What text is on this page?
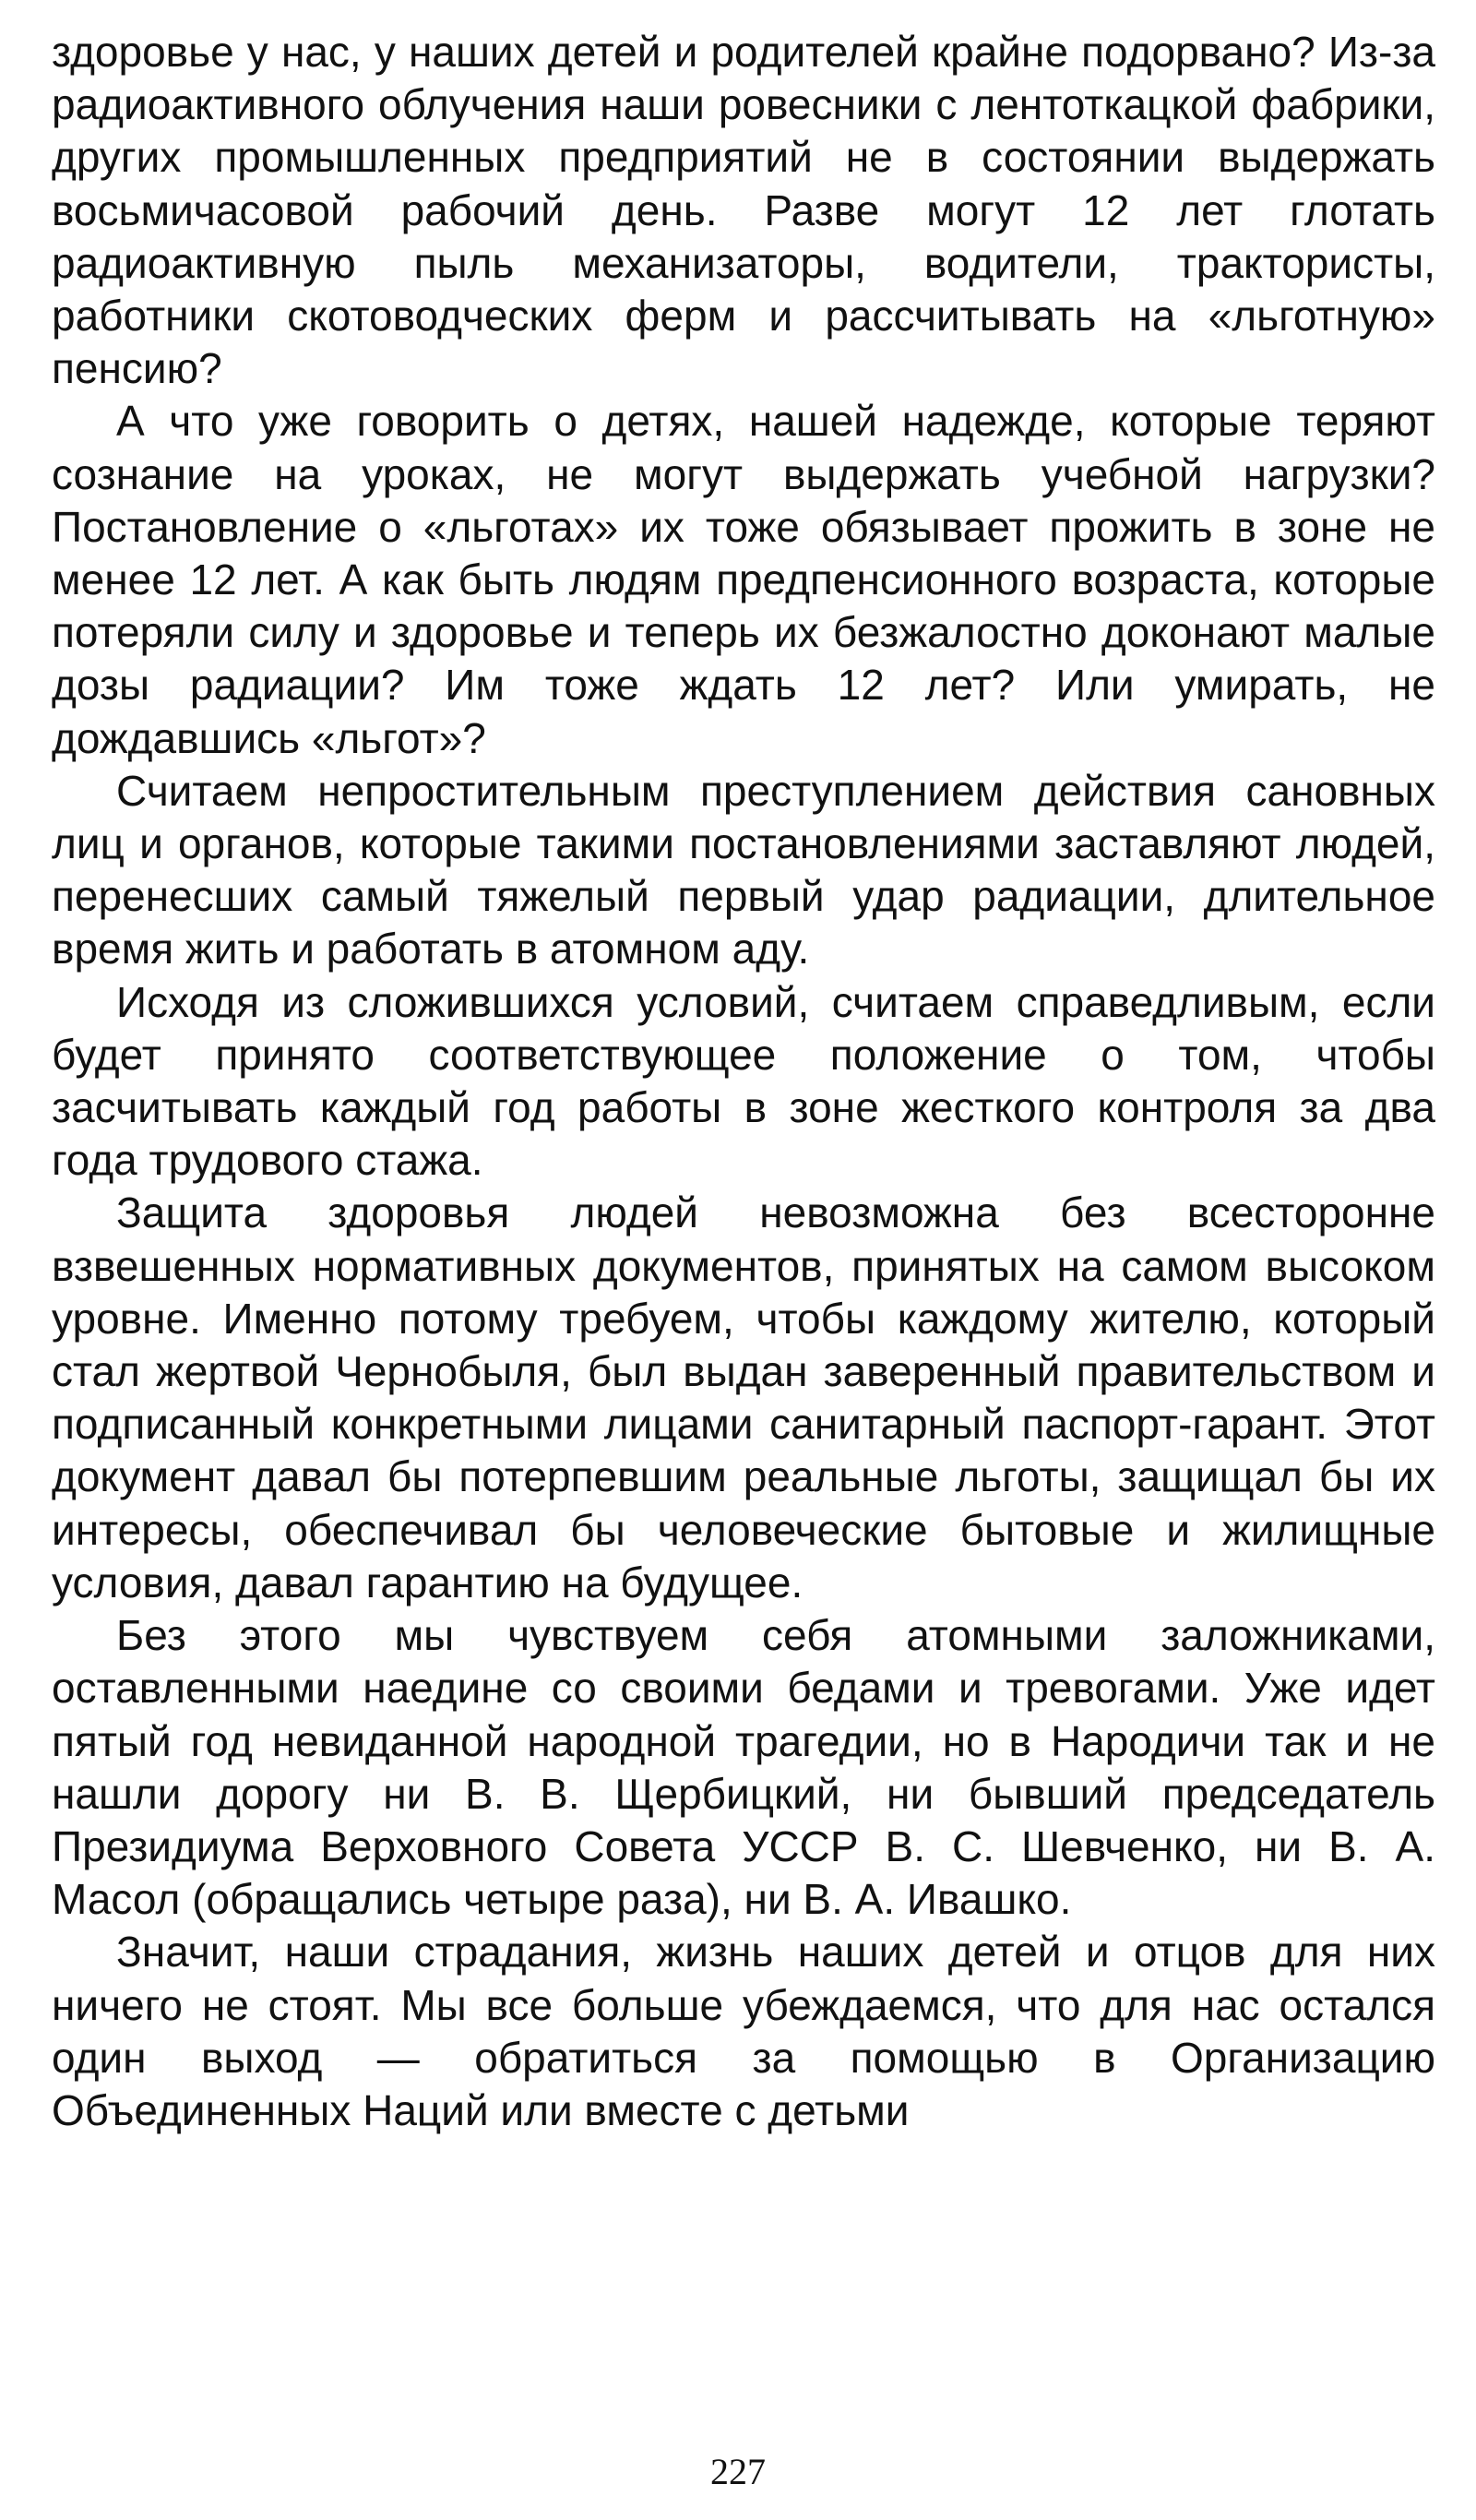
здоровье у нас, у наших детей и родителей крайне подорвано? Из-за радиоактивного облучения наши ровесники с лентоткацкой фабрики, других промышленных предприятий не в состоянии выдержать восьмичасовой рабочий день. Разве могут 12 лет глотать радиоактивную пыль механизаторы, водители, трактористы, работники скотоводческих ферм и рассчитывать на «льготную» пенсию?

А что уже говорить о детях, нашей надежде, которые теряют сознание на уроках, не могут выдержать учебной нагрузки? Постановление о «льготах» их тоже обязывает прожить в зоне не менее 12 лет. А как быть людям предпенсионного возраста, которые потеряли силу и здоровье и теперь их безжалостно доконают малые дозы радиации? Им тоже ждать 12 лет? Или умирать, не дождавшись «льгот»?

Считаем непростительным преступлением действия сановных лиц и органов, которые такими постановлениями заставляют людей, перенесших самый тяжелый первый удар радиации, длительное время жить и работать в атомном аду.

Исходя из сложившихся условий, считаем справедливым, если будет принято соответствующее положение о том, чтобы засчитывать каждый год работы в зоне жесткого контроля за два года трудового стажа.

Защита здоровья людей невозможна без всесторонне взвешенных нормативных документов, принятых на самом высоком уровне. Именно потому требуем, чтобы каждому жителю, который стал жертвой Чернобыля, был выдан заверенный правительством и подписанный конкретными лицами санитарный паспорт-гарант. Этот документ давал бы потерпевшим реальные льготы, защищал бы их интересы, обеспечивал бы человеческие бытовые и жилищные условия, давал гарантию на будущее.

Без этого мы чувствуем себя атомными заложниками, оставленными наедине со своими бедами и тревогами. Уже идет пятый год невиданной народной трагедии, но в Народичи так и не нашли дорогу ни В. В. Щербицкий, ни бывший председатель Президиума Верховного Совета УССР В. С. Шевченко, ни В. А. Масол (обращались четыре раза), ни В. А. Ивашко.

Значит, наши страдания, жизнь наших детей и отцов для них ничего не стоят. Мы все больше убеждаемся, что для нас остался один выход — обратиться за помощью в Организацию Объединенных Наций или вместе с детьми

227
